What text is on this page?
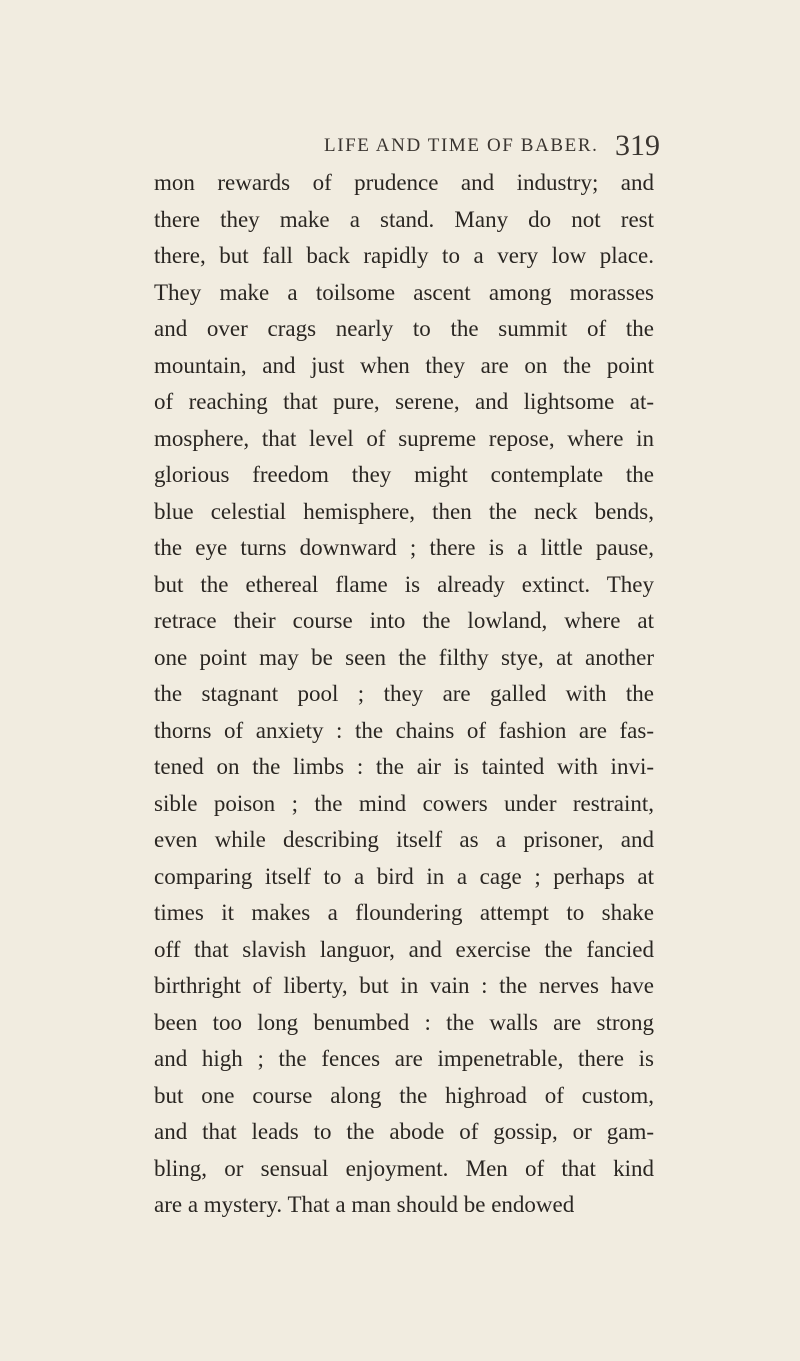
LIFE AND TIME OF BABER. 319
mon rewards of prudence and industry; and
there they make a stand. Many do not rest
there, but fall back rapidly to a very low place.
They make a toilsome ascent among morasses
and over crags nearly to the summit of the
mountain, and just when they are on the point
of reaching that pure, serene, and lightsome at-
mosphere, that level of supreme repose, where in
glorious freedom they might contemplate the
blue celestial hemisphere, then the neck bends,
the eye turns downward ; there is a little pause,
but the ethereal flame is already extinct. They
retrace their course into the lowland, where at
one point may be seen the filthy stye, at another
the stagnant pool ; they are galled with the
thorns of anxiety : the chains of fashion are fas-
tened on the limbs : the air is tainted with invi-
sible poison ; the mind cowers under restraint,
even while describing itself as a prisoner, and
comparing itself to a bird in a cage ; perhaps at
times it makes a floundering attempt to shake
off that slavish languor, and exercise the fancied
birthright of liberty, but in vain : the nerves have
been too long benumbed : the walls are strong
and high ; the fences are impenetrable, there is
but one course along the highroad of custom,
and that leads to the abode of gossip, or gam-
bling, or sensual enjoyment. Men of that kind
are a mystery. That a man should be endowed
